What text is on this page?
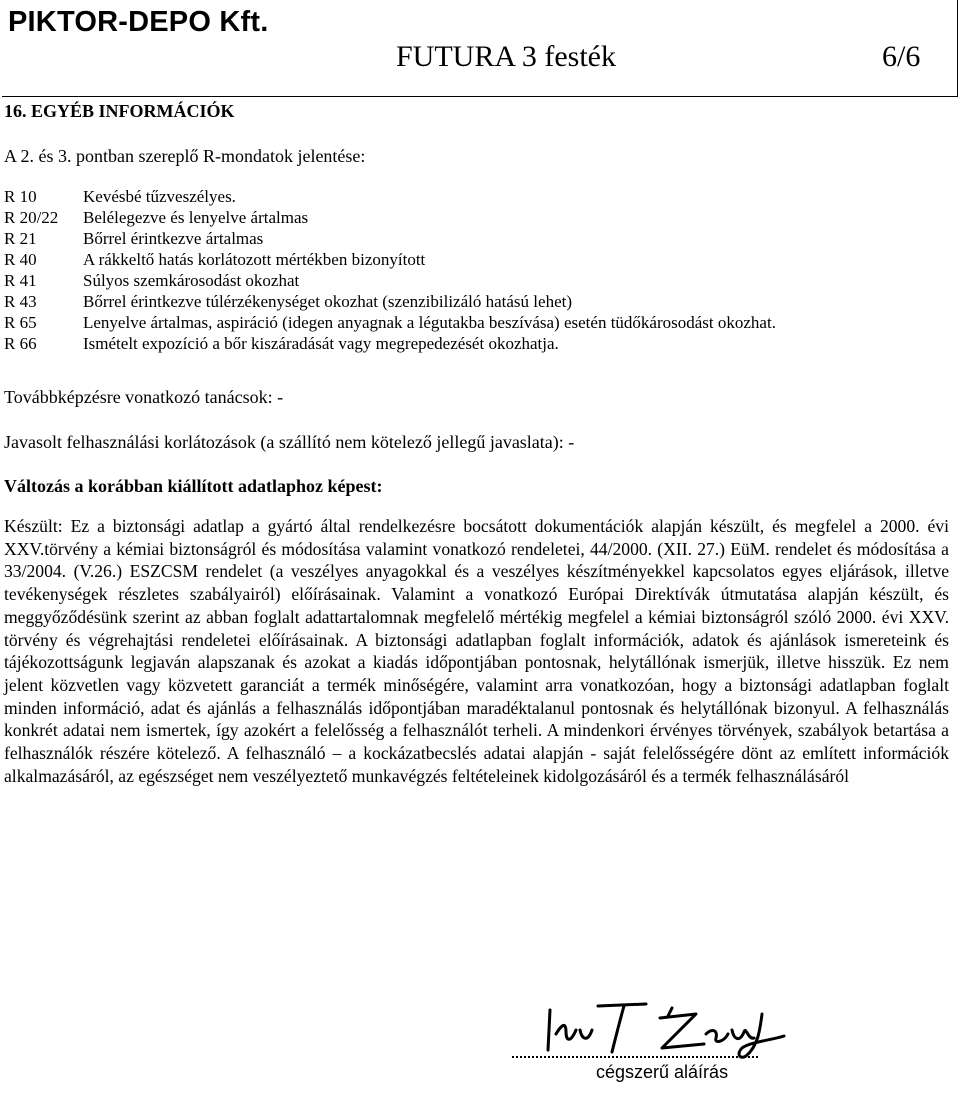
PIKTOR-DEPO Kft.
FUTURA 3 festék	6/6
16. EGYÉB INFORMÁCIÓK
A 2. és 3. pontban szereplő R-mondatok jelentése:
R 10	Kevésbé tűzveszélyes.
R 20/22 Belélegezve és lenyelve ártalmas
R 21	Bőrrel érintkezve ártalmas
R 40	A rákkeltő hatás korlátozott mértékben bizonyított
R 41	Súlyos szemkárosodást okozhat
R 43	Bőrrel érintkezve túlérzékenységet okozhat (szenzibilizáló hatású lehet)
R 65	Lenyelve ártalmas, aspiráció (idegen anyagnak a légutakba beszívása) esetén tüdőkárosodást okozhat.
R 66	Ismételt expozíció a bőr kiszáradását vagy megrepedezését okozhatja.
Továbbképzésre vonatkozó tanácsok: -
Javasolt felhasználási korlátozások (a szállító nem kötelező jellegű javaslata): -
Változás a korábban kiállított adatlaphoz képest:
Készült: Ez a biztonsági adatlap a gyártó által rendelkezésre bocsátott dokumentációk alapján készült, és megfelel a 2000. évi XXV.törvény a kémiai biztonságról és módosítása valamint vonatkozó rendeletei, 44/2000. (XII. 27.) EüM. rendelet és módosítása a 33/2004. (V.26.) ESZCSM rendelet (a veszélyes anyagokkal és a veszélyes készítményekkel kapcsolatos egyes eljárások, illetve tevékenységek részletes szabályairól) előírásainak. Valamint a vonatkozó Európai Direktívák útmutatása alapján készült, és meggyőződésünk szerint az abban foglalt adattartalomnak megfelelő mértékig megfelel a kémiai biztonságról szóló 2000. évi XXV. törvény és végrehajtási rendeletei előírásainak. A biztonsági adatlapban foglalt információk, adatok és ajánlások ismereteink és tájékozottságunk legjaván alapszanak és azokat a kiadás időpontjában pontosnak, helytállónak ismerjük, illetve hisszük. Ez nem jelent közvetlen vagy közvetett garanciát a termék minőségére, valamint arra vonatkozóan, hogy a biztonsági adatlapban foglalt minden információ, adat és ajánlás a felhasználás időpontjában maradéktalanul pontosnak és helytállónak bizonyul. A felhasználás konkrét adatai nem ismertek, így azokért a felelősség a felhasználót terheli. A mindenkori érvényes törvények, szabályok betartása a felhasználók részére kötelező. A felhasználó – a kockázatbecslés adatai alapján - saját felelősségére dönt az említett információk alkalmazásáról, az egészséget nem veszélyeztető munkavégzés feltételeinek kidolgozásáról és a termék felhasználásáról
cégszerű aláírás
